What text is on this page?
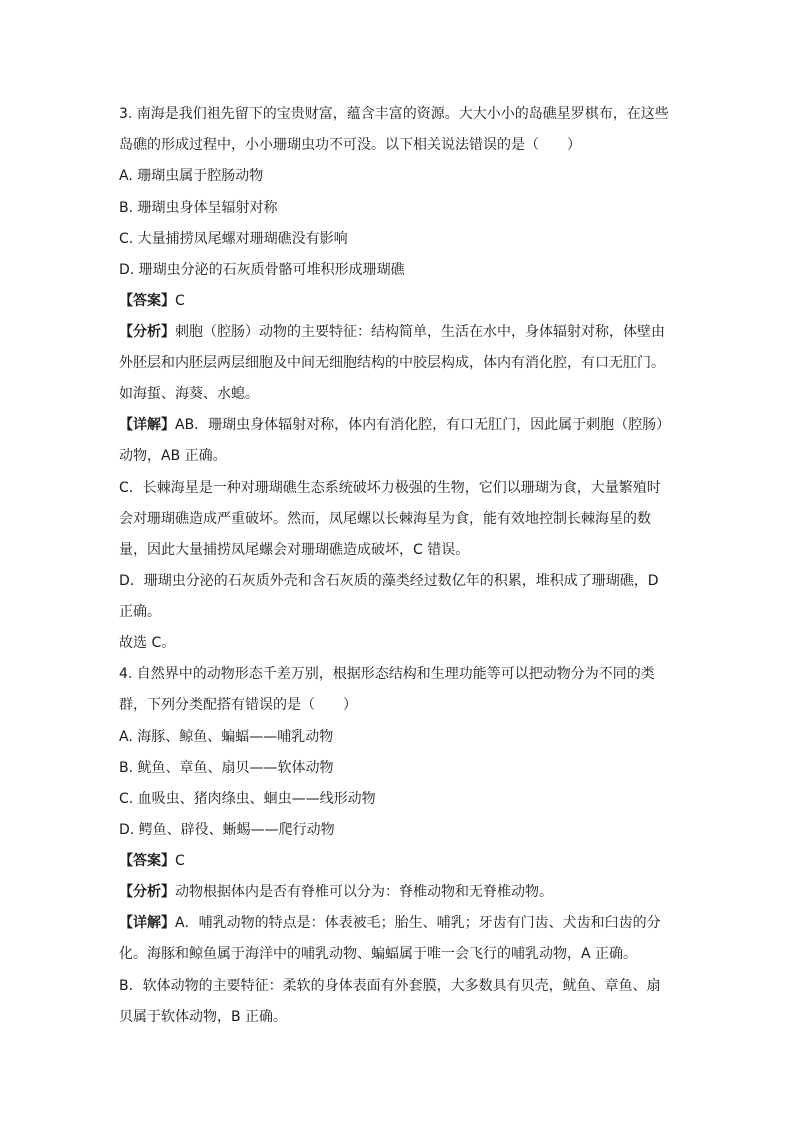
3. 南海是我们祖先留下的宝贵财富，蕴含丰富的资源。大大小小的岛礁星罗棋布，在这些
岛礁的形成过程中，小小珊瑚虫功不可没。以下相关说法错误的是（　　）
A. 珊瑚虫属于腔肠动物
B. 珊瑚虫身体呈辐射对称
C. 大量捕捞凤尾螺对珊瑚礁没有影响
D. 珊瑚虫分泌的石灰质骨骼可堆积形成珊瑚礁
【答案】C
【分析】刺胞（腔肠）动物的主要特征：结构简单，生活在水中，身体辐射对称，体壁由
外胚层和内胚层两层细胞及中间无细胞结构的中胶层构成，体内有消化腔，有口无肛门。
如海蜇、海葵、水螅。
【详解】AB．珊瑚虫身体辐射对称，体内有消化腔，有口无肛门，因此属于刺胞（腔肠）
动物，AB 正确。
C．长棘海星是一种对珊瑚礁生态系统破坏力极强的生物，它们以珊瑚为食，大量繁殖时
会对珊瑚礁造成严重破坏。然而，凤尾螺以长棘海星为食，能有效地控制长棘海星的数
量，因此大量捕捞凤尾螺会对珊瑚礁造成破坏，C 错误。
D．珊瑚虫分泌的石灰质外壳和含石灰质的藻类经过数亿年的积累，堆积成了珊瑚礁，D
正确。
故选 C。
4. 自然界中的动物形态千差万别，根据形态结构和生理功能等可以把动物分为不同的类
群，下列分类配搭有错误的是（　　）
A. 海豚、鲸鱼、蝙蝠——哺乳动物
B. 鱿鱼、章鱼、扇贝——软体动物
C. 血吸虫、猪肉绦虫、蛔虫——线形动物
D. 鳄鱼、辟役、蜥蜴——爬行动物
【答案】C
【分析】动物根据体内是否有脊椎可以分为：脊椎动物和无脊椎动物。
【详解】A．哺乳动物的特点是：体表被毛；胎生、哺乳；牙齿有门齿、犬齿和臼齿的分
化。海豚和鲸鱼属于海洋中的哺乳动物、蝙蝠属于唯一会飞行的哺乳动物，A 正确。
B．软体动物的主要特征：柔软的身体表面有外套膜，大多数具有贝壳，鱿鱼、章鱼、扇
贝属于软体动物，B 正确。
